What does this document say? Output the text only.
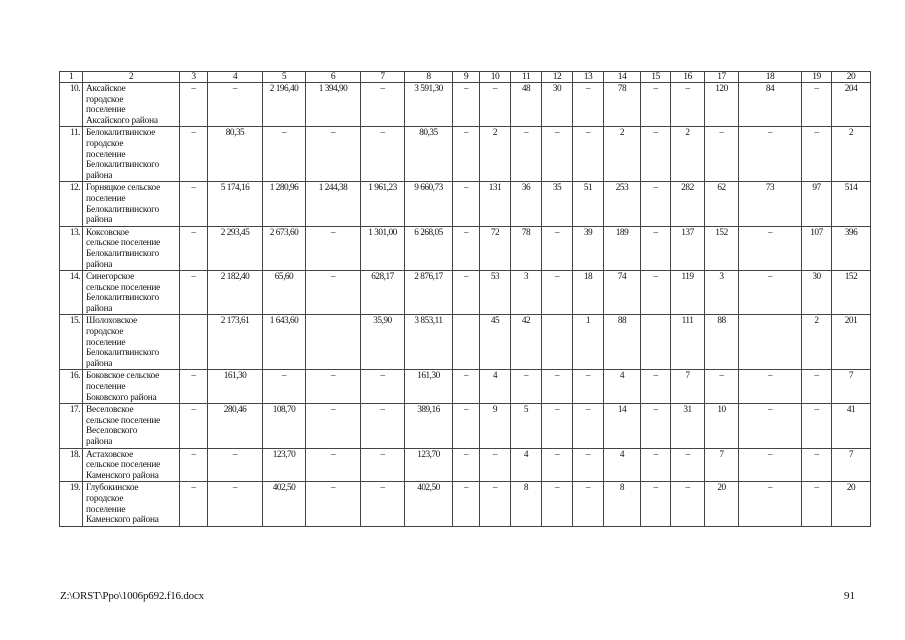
1	2	3	4	5	6	7	8	9	10	11	12	13	14	15	16	17	18	19	20
10.	Аксайское
городское
поселение
Аксайского района	–	–	2 196,40	1 394,90	–	3 591,30	–	–	48	30	–	78	–	–	120	84	–	204
11.	Белокалитвинское
городское
поселение
Белокалитвинского
района	–	80,35	–	–	–	80,35	–	2	–	–	–	2	–	2	–	–	–	2
12.	Горняцкое сельское
поселение
Белокалитвинского
района	–	5 174,16	1 280,96	1 244,38	1 961,23	9 660,73	–	131	36	35	51	253	–	282	62	73	97	514
13.	Коксовское
сельское поселение
Белокалитвинского
района	–	2 293,45	2 673,60	–	1 301,00	6 268,05	–	72	78	–	39	189	–	137	152	–	107	396
14.	Синегорское
сельское поселение
Белокалитвинского
района	–	2 182,40	65,60	–	628,17	2 876,17	–	53	3	–	18	74	–	119	3	–	30	152
15.	Шолоховское
городское
поселение
Белокалитвинского
района		2 173,61	1 643,60		35,90	3 853,11		45	42		1	88		111	88		2	201
16.	Боковское сельское
поселение
Боковского района	–	161,30	–	–	–	161,30	–	4	–	–	–	4	–	7	–	–	–	7
17.	Веселовское
сельское поселение
Веселовского
района	–	280,46	108,70	–	–	389,16	–	9	5	–	–	14	–	31	10	–	–	41
18.	Астаховское
сельское поселение
Каменского района	–	–	123,70	–	–	123,70	–	–	4	–	–	4	–	–	7	–	–	7
19.	Глубокинское
городское
поселение
Каменского района	–	–	402,50	–	–	402,50	–	–	8	–	–	8	–	–	20	–	–	20
Z:\ORST\Ppo\1006p692.f16.docx	91
